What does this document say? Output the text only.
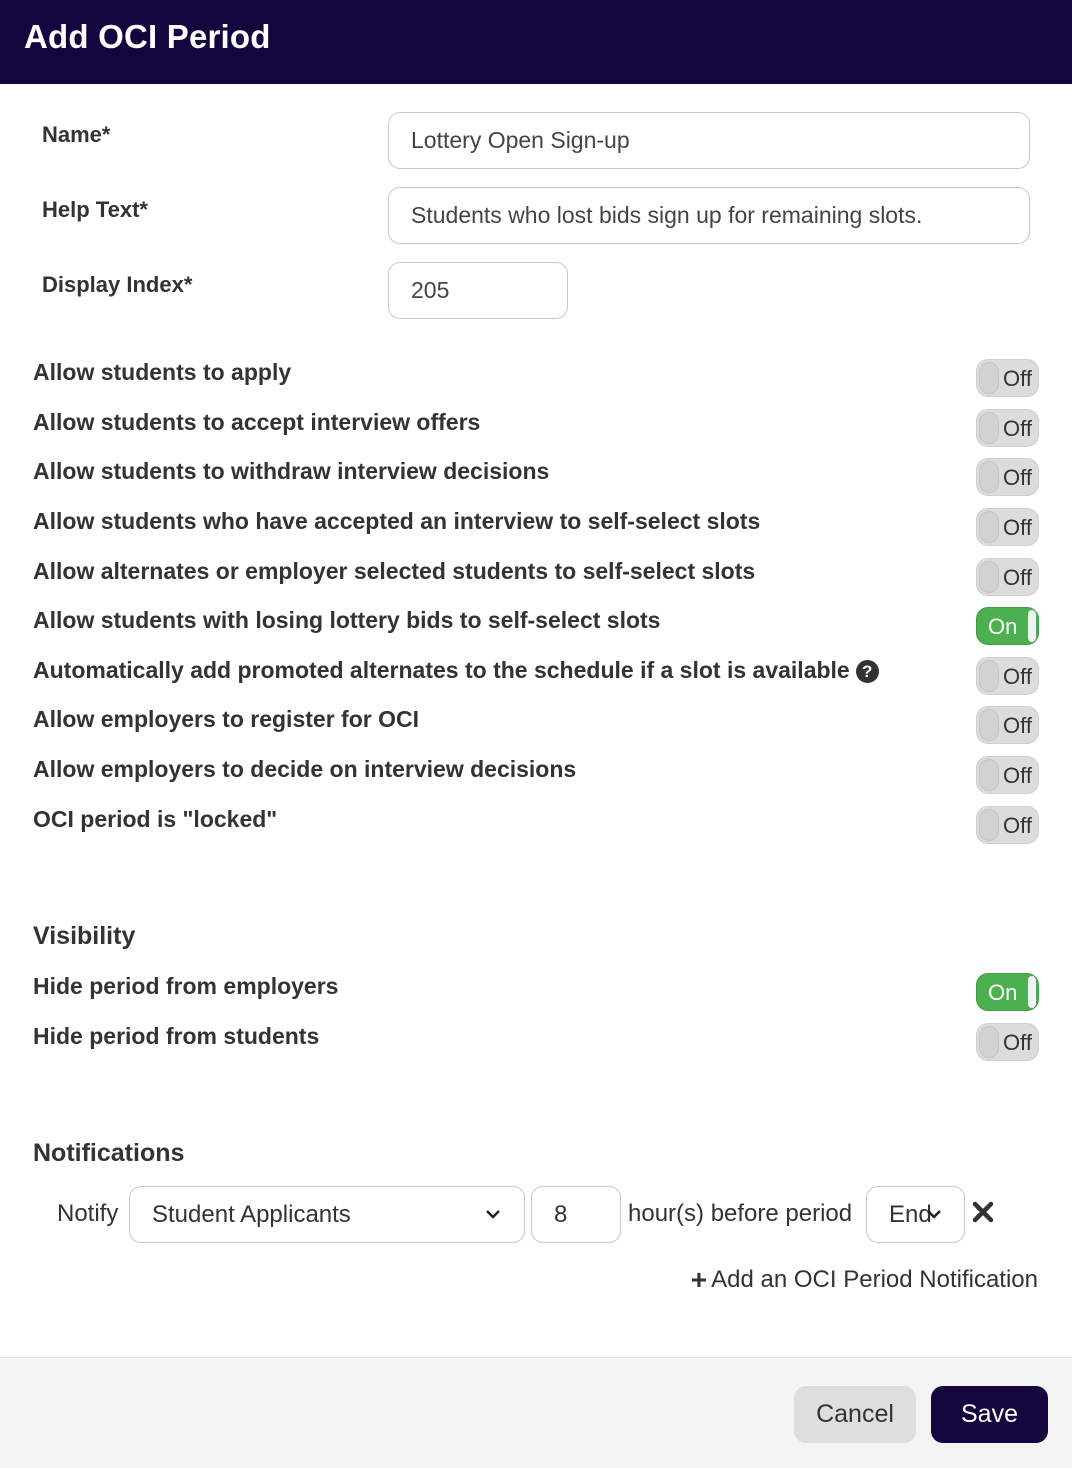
Add OCI Period
Name*	Lottery Open Sign-up
Help Text*	Students who lost bids sign up for remaining slots.
Display Index*	205
Allow students to apply	Off
Allow students to accept interview offers	Off
Allow students to withdraw interview decisions	Off
Allow students who have accepted an interview to self-select slots	Off
Allow alternates or employer selected students to self-select slots	Off
Allow students with losing lottery bids to self-select slots	On
Automatically add promoted alternates to the schedule if a slot is available ?	Off
Allow employers to register for OCI	Off
Allow employers to decide on interview decisions	Off
OCI period is "locked"	Off
Visibility
Hide period from employers	On
Hide period from students	Off
Notifications
Notify	Student Applicants	8	hour(s) before period	End
+ Add an OCI Period Notification
Cancel	Save
